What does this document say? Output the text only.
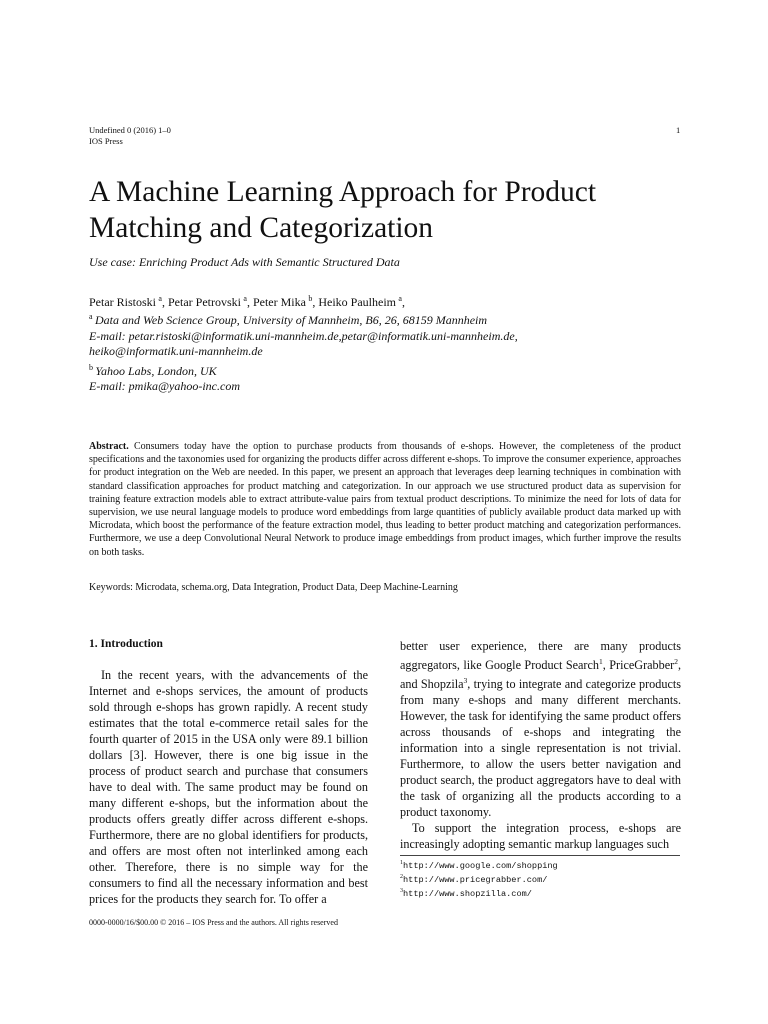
Undefined 0 (2016) 1–0
IOS Press
1
A Machine Learning Approach for Product Matching and Categorization
Use case: Enriching Product Ads with Semantic Structured Data
Petar Ristoski  $^a$, Petar Petrovski  $^a$, Peter Mika  $^b$, Heiko Paulheim  $^a$,
$^a$  Data and Web Science Group, University of Mannheim, B6, 26, 68159 Mannheim
E-mail: petar.ristoski@informatik.uni-mannheim.de,petar@informatik.uni-mannheim.de,
heiko@informatik.uni-mannheim.de
$^b$  Yahoo Labs, London, UK
E-mail: pmika@yahoo-inc.com
Abstract. Consumers today have the option to purchase products from thousands of e-shops. However, the completeness of the product specifications and the taxonomies used for organizing the products differ across different e-shops. To improve the consumer experience, approaches for product integration on the Web are needed. In this paper, we present an approach that leverages deep learning techniques in combination with standard classification approaches for product matching and categorization. In our approach we use structured product data as supervision for training feature extraction models able to extract attribute-value pairs from textual product descriptions. To minimize the need for lots of data for supervision, we use neural language models to produce word embeddings from large quantities of publicly available product data marked up with Microdata, which boost the performance of the feature extraction model, thus leading to better product matching and categorization performances. Furthermore, we use a deep Convolutional Neural Network to produce image embeddings from product images, which further improve the results on both tasks.
Keywords: Microdata, schema.org, Data Integration, Product Data, Deep Machine-Learning
1. Introduction

In the recent years, with the advancements of the Internet and e-shops services, the amount of products sold through e-shops has grown rapidly. A recent study estimates that the total e-commerce retail sales for the fourth quarter of 2015 in the USA only were 89.1 billion dollars [3]. However, there is one big issue in the process of product search and purchase that consumers have to deal with. The same product may be found on many different e-shops, but the information about the products offers greatly differ across different e-shops. Furthermore, there are no global identifiers for products, and offers are most often not interlinked among each other. Therefore, there is no simple way for the consumers to find all the necessary information and best prices for the products they search for. To offer a

better user experience, there are many products aggregators, like Google Product Search$^1$, PriceGrabber$^2$, and Shopzila$^3$, trying to integrate and categorize products from many e-shops and many different merchants. However, the task for identifying the same product offers across thousands of e-shops and integrating the information into a single representation is not trivial. Furthermore, to allow the users better navigation and product search, the product aggregators have to deal with the task of organizing all the products according to a product taxonomy.

To support the integration process, e-shops are increasingly adopting semantic markup languages such

$^1$http://www.google.com/shopping
$^2$http://www.pricegrabber.com/
$^3$http://www.shopzilla.com/
0000-0000/16/$00.00 © 2016 – IOS Press and the authors. All rights reserved
